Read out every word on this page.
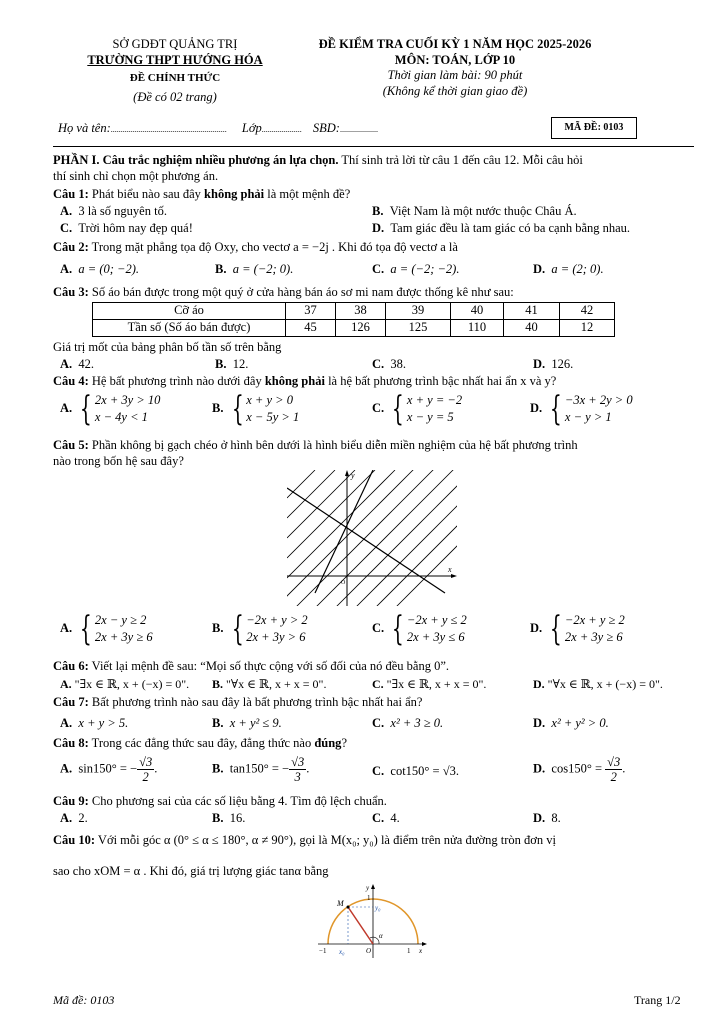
SỞ GDĐT QUẢNG TRỊ
TRƯỜNG THPT HƯỚNG HÓA
ĐỀ CHÍNH THỨC
(Đề có 02 trang)
ĐỀ KIỂM TRA CUỐI KỲ 1 NĂM HỌC 2025-2026
MÔN: TOÁN, LỚP 10
Thời gian làm bài: 90 phút
(Không kể thời gian giao đề)
Họ và tên:.......................................................... Lớp.................... SBD:...................	MÃ ĐỀ: 0103
PHẦN I. Câu trắc nghiệm nhiều phương án lựa chọn. Thí sinh trả lời từ câu 1 đến câu 12. Mỗi câu hỏi
thí sinh chỉ chọn một phương án.
Câu 1: Phát biểu nào sau đây không phải là một mệnh đề?
A. 3 là số nguyên tố.	B. Việt Nam là một nước thuộc Châu Á.
C. Trời hôm nay đẹp quá!	D. Tam giác đều là tam giác có ba cạnh bằng nhau.
Câu 2: Trong mặt phẳng tọa độ Oxy, cho vectơ a = −2j . Khi đó tọa độ vectơ a là
A. a = (0; −2).	B. a = (−2; 0).	C. a = (−2; −2).	D. a = (2; 0).
Câu 3: Số áo bán được trong một quý ở cửa hàng bán áo sơ mi nam được thống kê như sau:
Cỡ áo	37	38	39	40	41	42
Tần số (Số áo bán được)	45	126	125	110	40	12
Giá trị mốt của bảng phân bố tần số trên bằng
A. 42.	B. 12.	C. 38.	D. 126.
Câu 4: Hệ bất phương trình nào dưới đây không phải là hệ bất phương trình bậc nhất hai ẩn x và y?
A. { 2x + 3y > 10
x − 4y < 1
B. { x + y > 0
x − 5y > 1
C. { x + y = −2
x − y = 5
D. { −3x + 2y > 0
x − y > 1
Câu 5: Phần không bị gạch chéo ở hình bên dưới là hình biểu diễn miền nghiệm của hệ bất phương trình
nào trong bốn hệ sau đây?
y
x
O
A. { 2x − y ≥ 2
2x + 3y ≥ 6
B. { −2x + y > 2
2x + 3y > 6
C. { −2x + y ≤ 2
2x + 3y ≤ 6
D. { −2x + y ≥ 2
2x + 3y ≥ 6
Câu 6: Viết lại mệnh đề sau: “Mọi số thực cộng với số đối của nó đều bằng 0”.
A. "∃x ∈ ℝ, x + (−x) = 0". B. "∀x ∈ ℝ, x + x = 0".	C. "∃x ∈ ℝ, x + x = 0".	D. "∀x ∈ ℝ, x + (−x) = 0".
Câu 7: Bất phương trình nào sau đây là bất phương trình bậc nhất hai ẩn?
A. x + y > 5.	B. x + y² ≤ 9.	C. x² + 3 ≥ 0.	D. x² + y² > 0.
Câu 8: Trong các đẳng thức sau đây, đẳng thức nào đúng?
A. sin150° = − $\frac{√3}{2}$ .	B. tan150° = − $\frac{√3}{3}$ .	C. cot150° = √3.	D. $\cos 150^\circ = \frac{√3}{2}$ .
Câu 9: Cho phương sai của các số liệu bằng 4. Tìm độ lệch chuẩn.
A. 2.	B. 16.	C. 4.	D. 8.
Câu 10: Với mỗi góc α (0° ≤ α ≤ 180°, α ≠ 90°), gọi là M(x₀; y₀) là điểm trên nửa đường tròn đơn vị
sao cho xOM = α . Khi đó, giá trị lượng giác tanα bằng
M	y₀
x₀	O
α
−1	1
1
x
y
Mã đề: 0103	Trang 1/2
